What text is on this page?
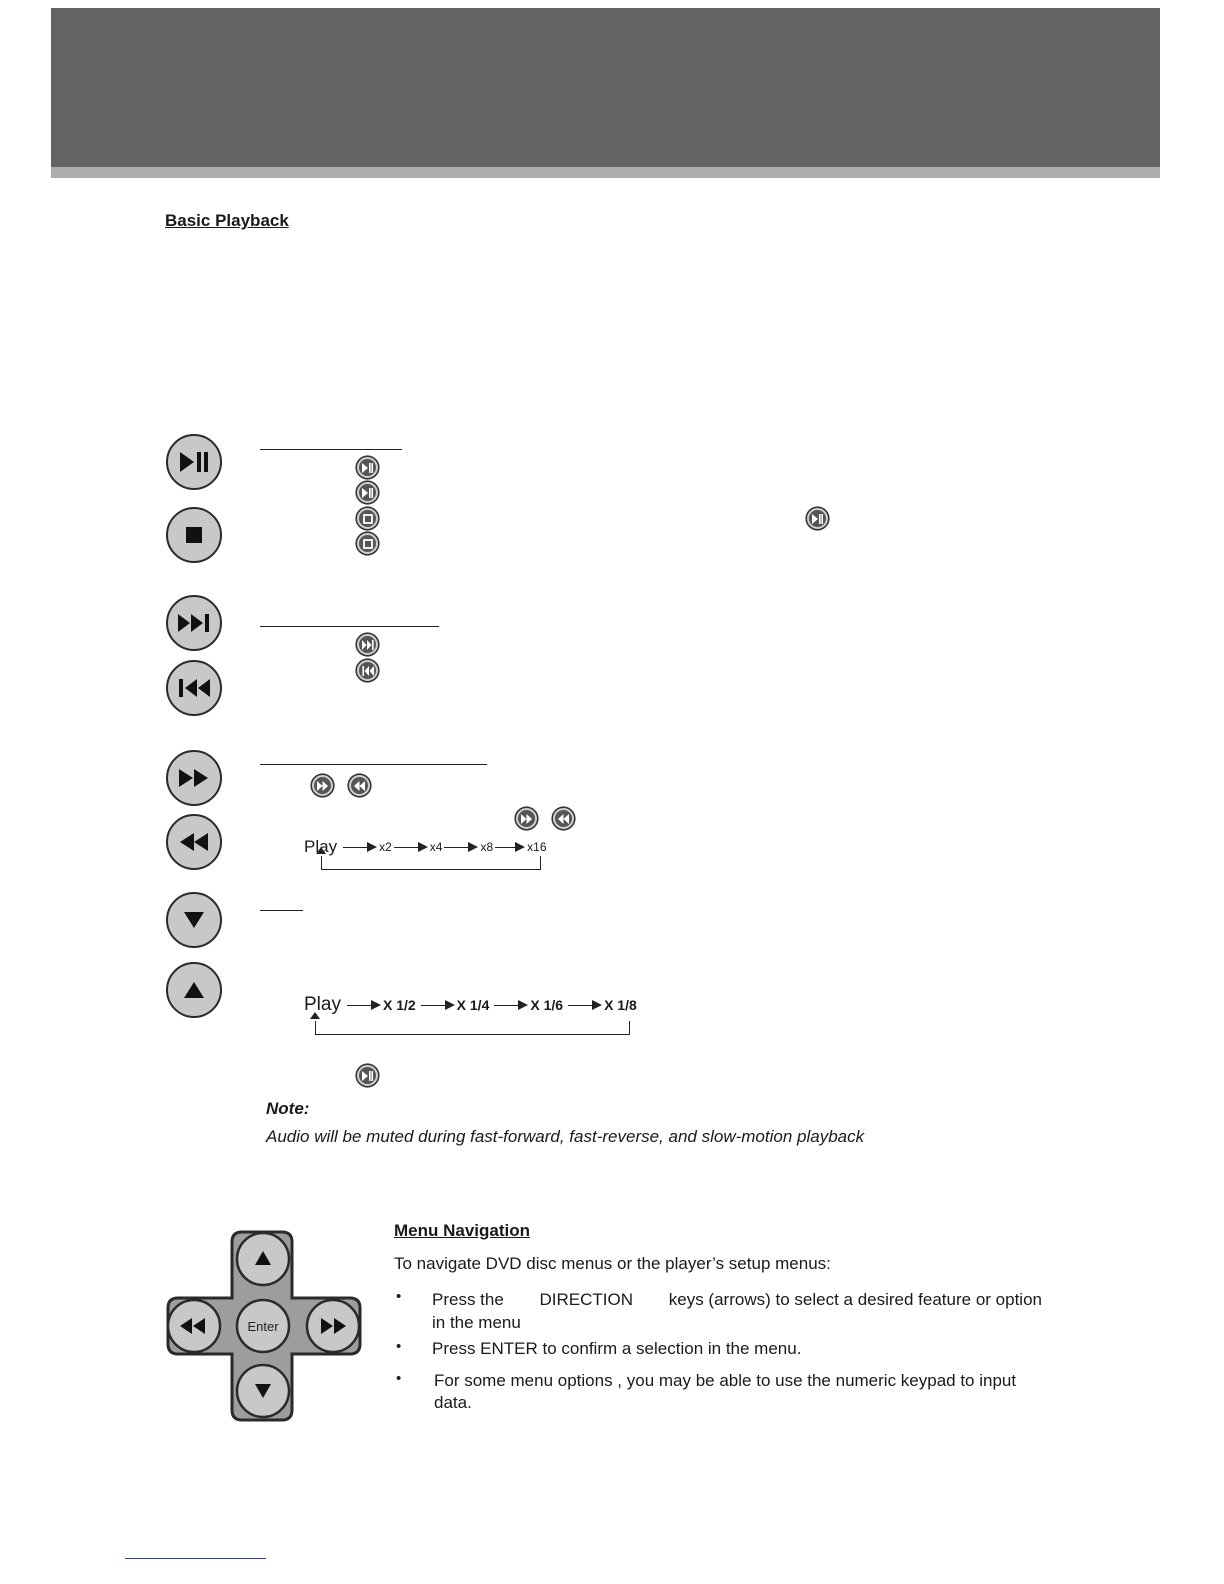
Basic Playback
Play	x2	x4	x8	x16
Play	X 1/2	X 1/4	X 1/6	X 1/8
Note:
Audio will be muted during fast-forward, fast-reverse, and slow-motion playback
Enter
Menu Navigation
To navigate DVD disc menus or the player’s setup menus:
• Press the DIRECTION keys (arrows) to select a desired feature or option
in the menu
• Press ENTER to confirm a selection in the menu.
• For some menu options , you may be able to use the numeric keypad to input
data.
